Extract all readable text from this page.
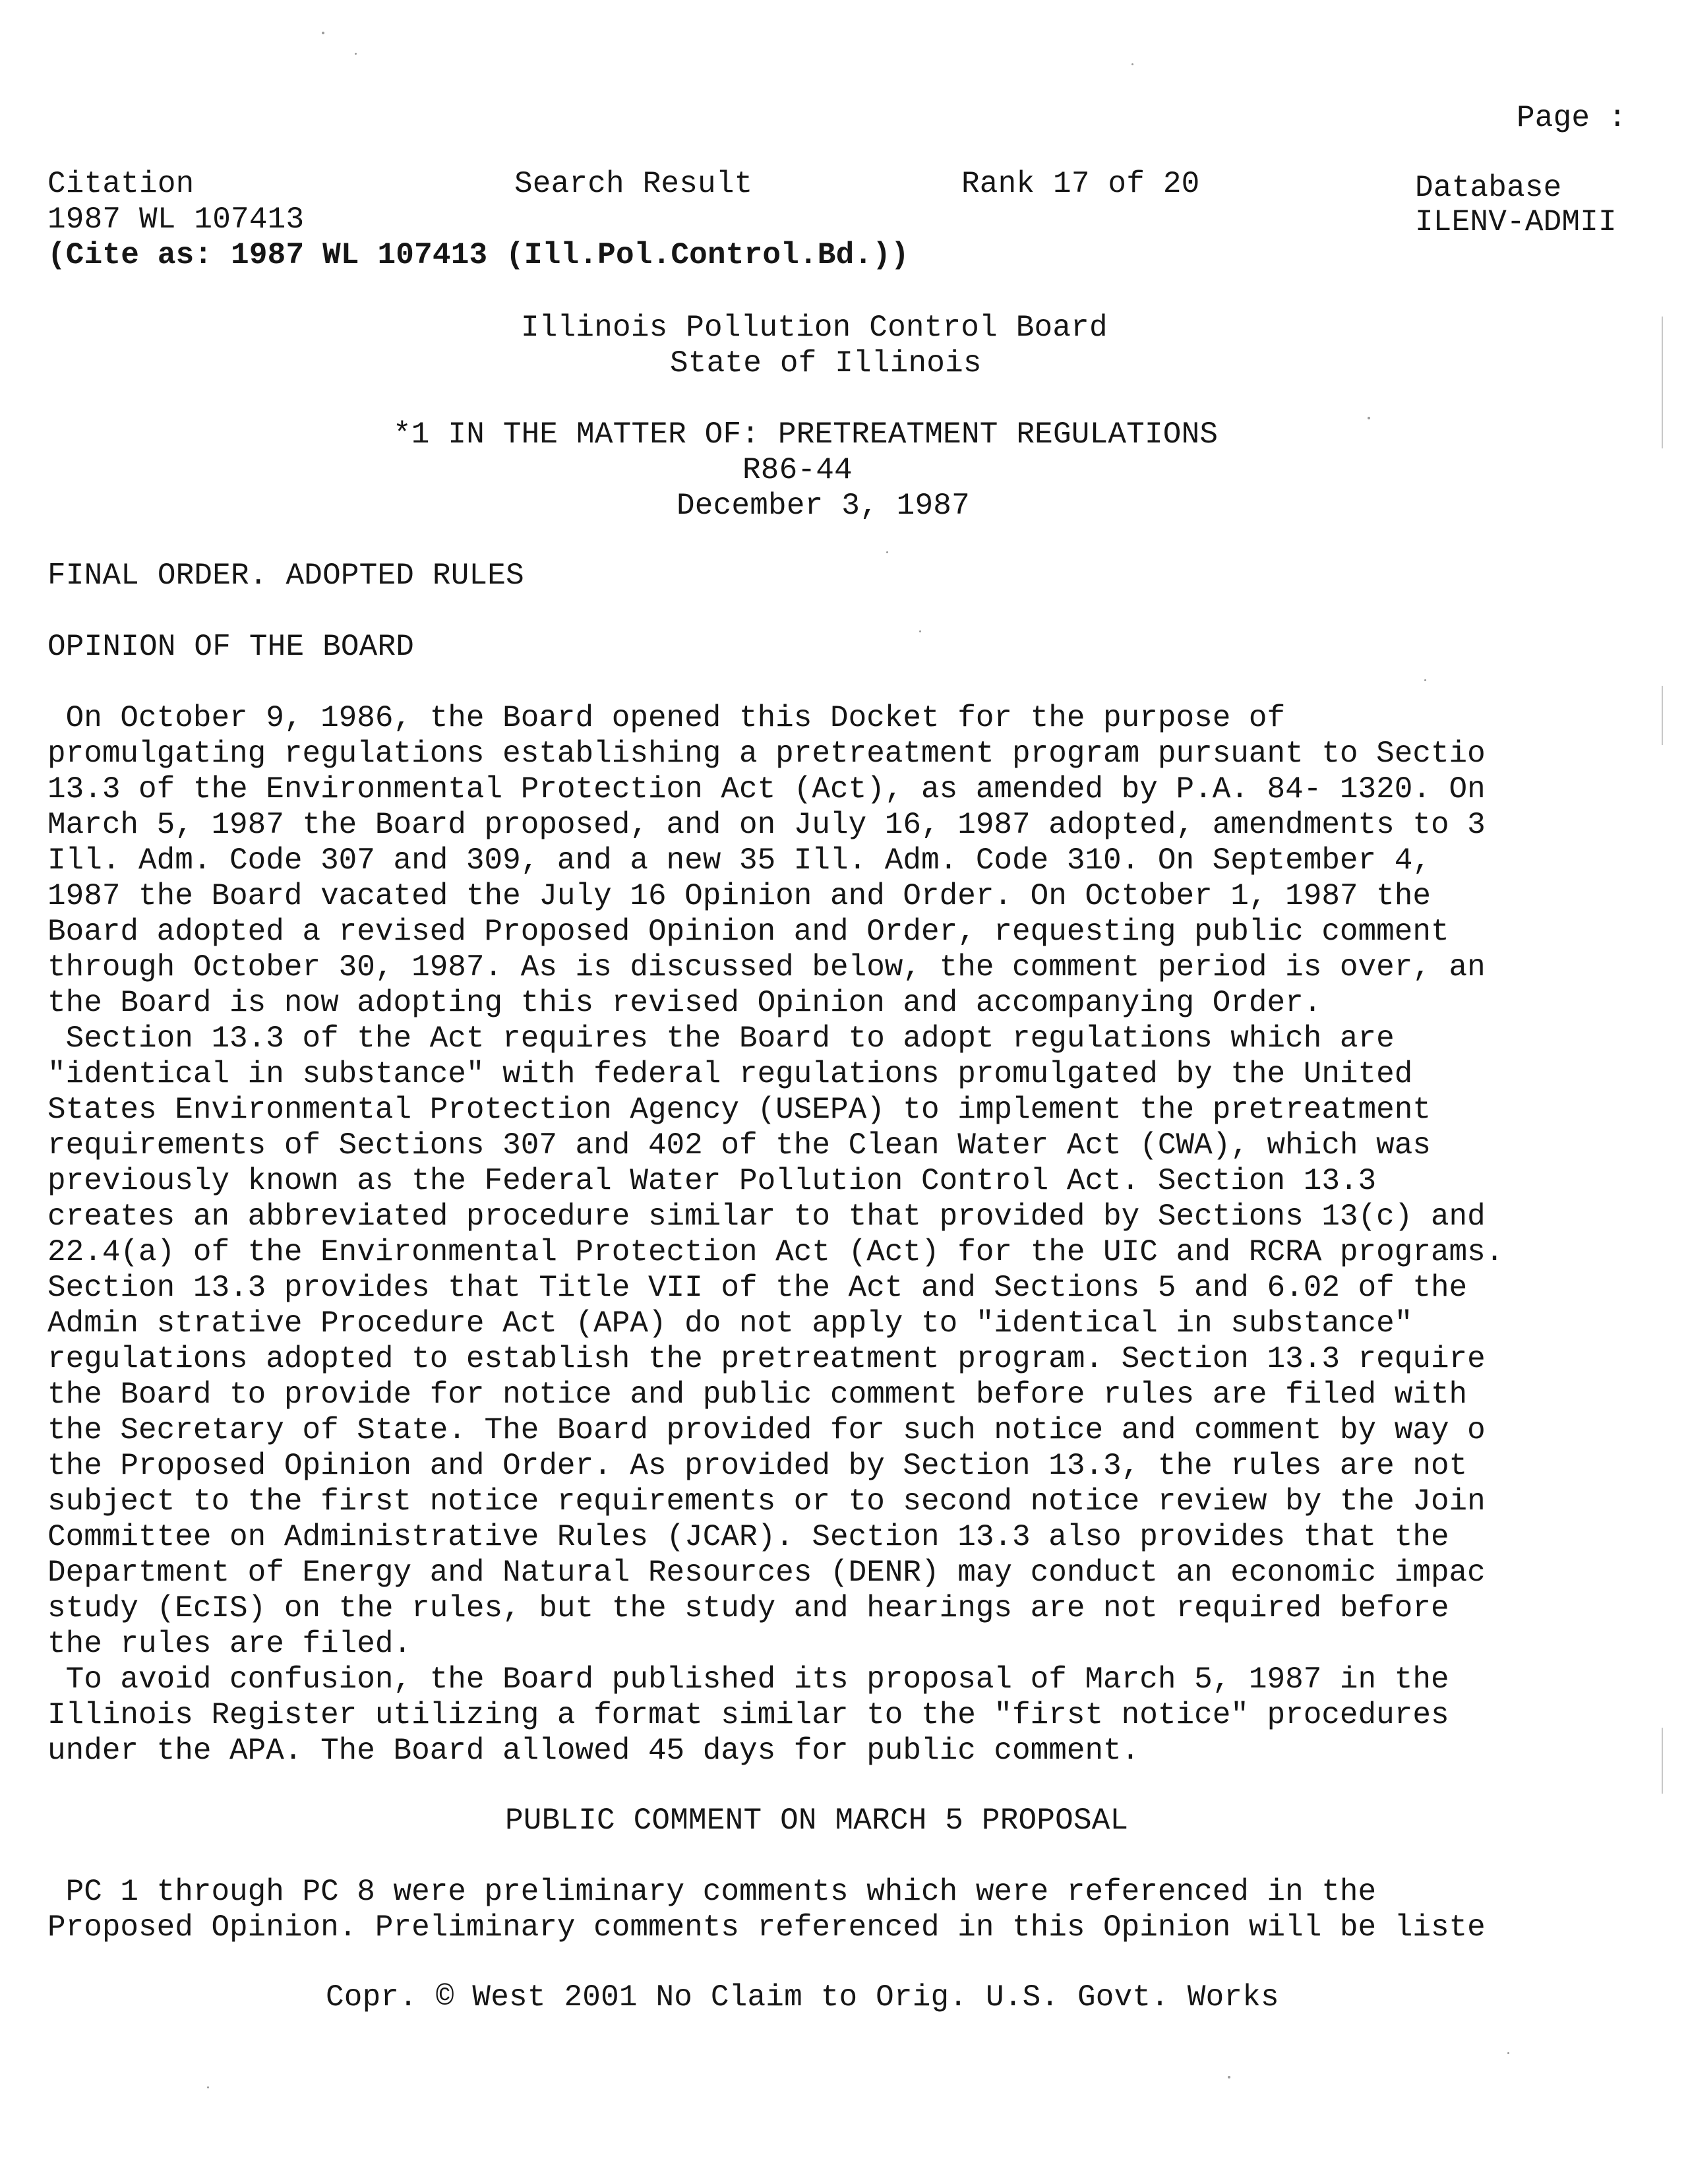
Page :
Citation	Search Result	Rank 17 of 20	Database
1987 WL 107413	ILENV-ADMII
(Cite as: 1987 WL 107413 (Ill.Pol.Control.Bd.))
Illinois Pollution Control Board
State of Illinois
*1 IN THE MATTER OF: PRETREATMENT REGULATIONS
R86-44
December 3, 1987
FINAL ORDER. ADOPTED RULES
OPINION OF THE BOARD
On October 9, 1986, the Board opened this Docket for the purpose of
promulgating regulations establishing a pretreatment program pursuant to Sectio
13.3 of the Environmental Protection Act (Act), as amended by P.A. 84- 1320. On
March 5, 1987 the Board proposed, and on July 16, 1987 adopted, amendments to 3
Ill. Adm. Code 307 and 309, and a new 35 Ill. Adm. Code 310. On September 4,
1987 the Board vacated the July 16 Opinion and Order. On October 1, 1987 the
Board adopted a revised Proposed Opinion and Order, requesting public comment
through October 30, 1987. As is discussed below, the comment period is over, an
the Board is now adopting this revised Opinion and accompanying Order.
Section 13.3 of the Act requires the Board to adopt regulations which are
"identical in substance" with federal regulations promulgated by the United
States Environmental Protection Agency (USEPA) to implement the pretreatment
requirements of Sections 307 and 402 of the Clean Water Act (CWA), which was
previously known as the Federal Water Pollution Control Act. Section 13.3
creates an abbreviated procedure similar to that provided by Sections 13(c) and
22.4(a) of the Environmental Protection Act (Act) for the UIC and RCRA programs.
Section 13.3 provides that Title VII of the Act and Sections 5 and 6.02 of the
Admin strative Procedure Act (APA) do not apply to "identical in substance"
regulations adopted to establish the pretreatment program. Section 13.3 require
the Board to provide for notice and public comment before rules are filed with
the Secretary of State. The Board provided for such notice and comment by way o
the Proposed Opinion and Order. As provided by Section 13.3, the rules are not
subject to the first notice requirements or to second notice review by the Join
Committee on Administrative Rules (JCAR). Section 13.3 also provides that the
Department of Energy and Natural Resources (DENR) may conduct an economic impac
study (EcIS) on the rules, but the study and hearings are not required before
the rules are filed.
To avoid confusion, the Board published its proposal of March 5, 1987 in the
Illinois Register utilizing a format similar to the "first notice" procedures
under the APA. The Board allowed 45 days for public comment.
PUBLIC COMMENT ON MARCH 5 PROPOSAL
PC 1 through PC 8 were preliminary comments which were referenced in the
Proposed Opinion. Preliminary comments referenced in this Opinion will be liste
Copr. © West 2001 No Claim to Orig. U.S. Govt. Works
